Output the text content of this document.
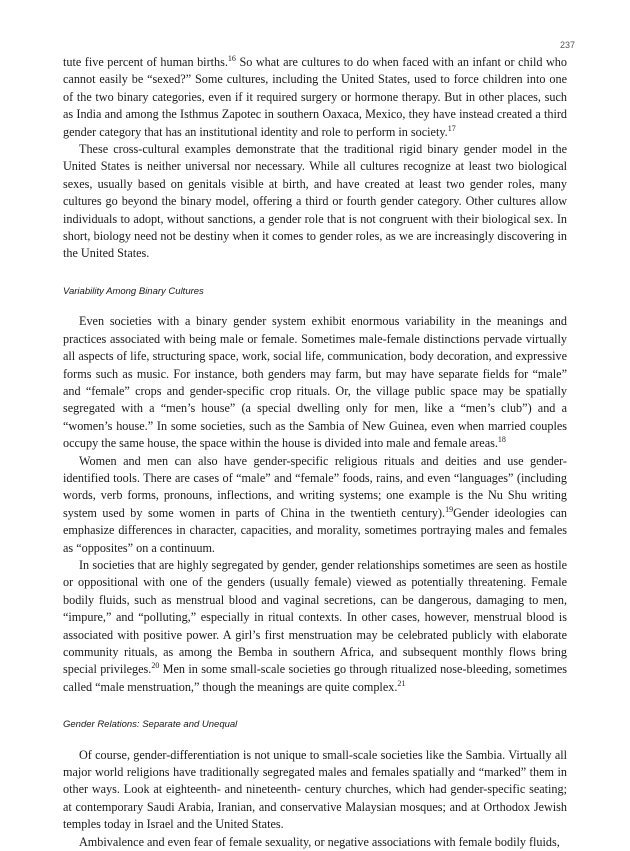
237

tute five percent of human births.$^{16}$ So what are cultures to do when faced with an infant or child who cannot easily be “sexed?” Some cultures, including the United States, used to force children into one of the two binary categories, even if it required surgery or hormone therapy. But in other places, such as India and among the Isthmus Zapotec in southern Oaxaca, Mexico, they have instead created a third gender category that has an institutional identity and role to perform in society.$^{17}$

These cross-cultural examples demonstrate that the traditional rigid binary gender model in the United States is neither universal nor necessary. While all cultures recognize at least two biological sexes, usually based on genitals visible at birth, and have created at least two gender roles, many cultures go beyond the binary model, offering a third or fourth gender category. Other cultures allow individuals to adopt, without sanctions, a gender role that is not congruent with their biological sex. In short, biology need not be destiny when it comes to gender roles, as we are increasingly discovering in the United States.

Variability Among Binary Cultures

Even societies with a binary gender system exhibit enormous variability in the meanings and practices associated with being male or female. Sometimes male-female distinctions pervade virtually all aspects of life, structuring space, work, social life, communication, body decoration, and expressive forms such as music. For instance, both genders may farm, but may have separate fields for “male” and “female” crops and gender-specific crop rituals. Or, the village public space may be spatially segregated with a “men’s house” (a special dwelling only for men, like a “men’s club”) and a “women’s house.” In some societies, such as the Sambia of New Guinea, even when married couples occupy the same house, the space within the house is divided into male and female areas.$^{18}$

Women and men can also have gender-specific religious rituals and deities and use gender-identified tools. There are cases of “male” and “female” foods, rains, and even “languages” (including words, verb forms, pronouns, inflections, and writing systems; one example is the Nu Shu writing system used by some women in parts of China in the twentieth century).$^{19}$Gender ideologies can emphasize differences in character, capacities, and morality, sometimes portraying males and females as “opposites” on a continuum.

In societies that are highly segregated by gender, gender relationships sometimes are seen as hostile or oppositional with one of the genders (usually female) viewed as potentially threatening. Female bodily fluids, such as menstrual blood and vaginal secretions, can be dangerous, damaging to men, “impure,” and “polluting,” especially in ritual contexts. In other cases, however, menstrual blood is associated with positive power. A girl’s first menstruation may be celebrated publicly with elaborate community rituals, as among the Bemba in southern Africa, and subsequent monthly flows bring special privileges.$^{20}$ Men in some small-scale societies go through ritualized nose-bleeding, sometimes called “male menstruation,” though the meanings are quite complex.$^{21}$

Gender Relations: Separate and Unequal

Of course, gender-differentiation is not unique to small-scale societies like the Sambia. Virtually all major world religions have traditionally segregated males and females spatially and “marked” them in other ways. Look at eighteenth- and nineteenth- century churches, which had gender-specific seating; at contemporary Saudi Arabia, Iranian, and conservative Malaysian mosques; and at Orthodox Jewish temples today in Israel and the United States.

Ambivalence and even fear of female sexuality, or negative associations with female bodily fluids,
